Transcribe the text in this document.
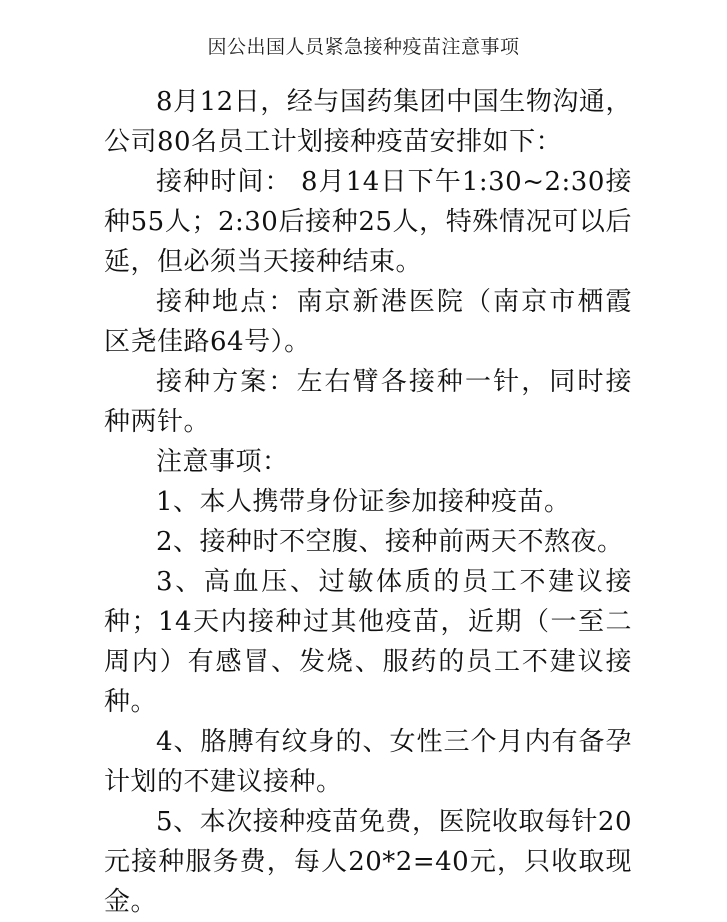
因公出国人员紧急接种疫苗注意事项

8月12日，经与国药集团中国生物沟通，公司80名员工计划接种疫苗安排如下：

接种时间： 8月14日下午1:30~2:30接种55人；2:30后接种25人，特殊情况可以后延，但必须当天接种结束。

接种地点：南京新港医院（南京市栖霞区尧佳路64号）。

接种方案：左右臂各接种一针，同时接种两针。

注意事项：

1、本人携带身份证参加接种疫苗。

2、接种时不空腹、接种前两天不熬夜。

3、高血压、过敏体质的员工不建议接种；14天内接种过其他疫苗，近期（一至二周内）有感冒、发烧、服药的员工不建议接种。

4、胳膊有纹身的、女性三个月内有备孕计划的不建议接种。

5、本次接种疫苗免费，医院收取每针20元接种服务费，每人20*2=40元，只收取现金。
